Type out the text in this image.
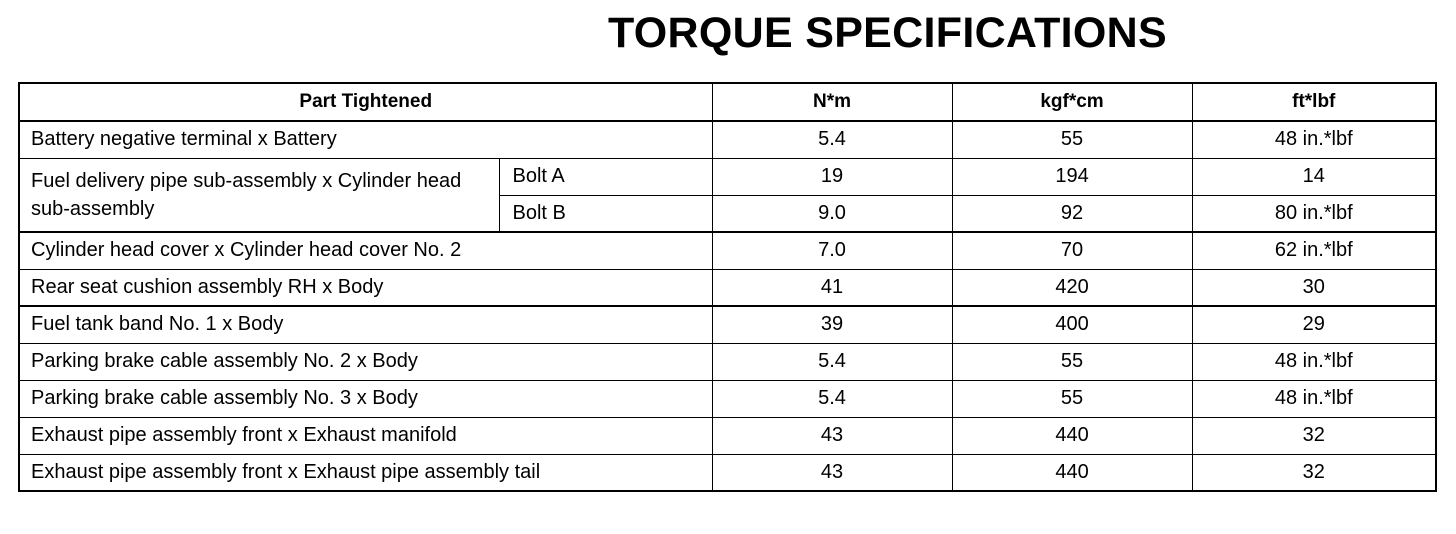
TORQUE SPECIFICATIONS
Part Tightened		N*m	kgf*cm	ft*lbf
Battery negative terminal x Battery		5.4	55	48 in.*lbf
Fuel delivery pipe sub-assembly x Cylinder head sub-assembly	Bolt A	19	194	14
	Bolt B	9.0	92	80 in.*lbf
Cylinder head cover x Cylinder head cover No. 2		7.0	70	62 in.*lbf
Rear seat cushion assembly RH x Body		41	420	30
Fuel tank band No. 1 x Body		39	400	29
Parking brake cable assembly No. 2 x Body		5.4	55	48 in.*lbf
Parking brake cable assembly No. 3 x Body		5.4	55	48 in.*lbf
Exhaust pipe assembly front x Exhaust manifold		43	440	32
Exhaust pipe assembly front x Exhaust pipe assembly tail		43	440	32
